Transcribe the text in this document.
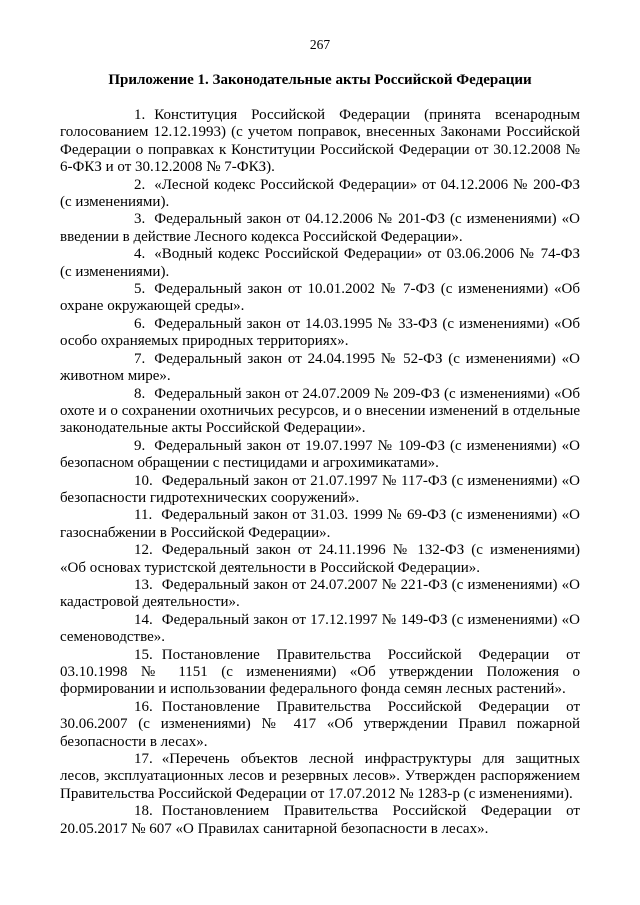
267
Приложение 1. Законодательные акты Российской Федерации
1. Конституция Российской Федерации (принята всенародным голосованием 12.12.1993) (с учетом поправок, внесенных Законами Российской Федерации о поправках к Конституции Российской Федерации от 30.12.2008 № 6-ФКЗ и от 30.12.2008 № 7-ФКЗ).
2. «Лесной кодекс Российской Федерации» от 04.12.2006 № 200-ФЗ (с изменениями).
3. Федеральный закон от 04.12.2006 № 201-ФЗ (с изменениями) «О введении в действие Лесного кодекса Российской Федерации».
4. «Водный кодекс Российской Федерации» от 03.06.2006 № 74-ФЗ (с изменениями).
5. Федеральный закон от 10.01.2002 № 7-ФЗ (с изменениями) «Об охране окружающей среды».
6. Федеральный закон от 14.03.1995 № 33-ФЗ (с изменениями) «Об особо охраняемых природных территориях».
7. Федеральный закон от 24.04.1995 № 52-ФЗ (с изменениями) «О животном мире».
8. Федеральный закон от 24.07.2009 № 209-ФЗ (с изменениями) «Об охоте и о сохранении охотничьих ресурсов, и о внесении изменений в отдельные законодательные акты Российской Федерации».
9. Федеральный закон от 19.07.1997 № 109-ФЗ (с изменениями) «О безопасном обращении с пестицидами и агрохимикатами».
10. Федеральный закон от 21.07.1997 № 117-ФЗ (с изменениями) «О безопасности гидротехнических сооружений».
11. Федеральный закон от 31.03. 1999 № 69-ФЗ (с изменениями) «О газоснабжении в Российской Федерации».
12. Федеральный закон от 24.11.1996 № 132-ФЗ (с изменениями) «Об основах туристской деятельности в Российской Федерации».
13. Федеральный закон от 24.07.2007 № 221-ФЗ (с изменениями) «О кадастровой деятельности».
14. Федеральный закон от 17.12.1997 № 149-ФЗ (с изменениями) «О семеноводстве».
15. Постановление Правительства Российской Федерации от 03.10.1998 № 1151 (с изменениями) «Об утверждении Положения о формировании и использовании федерального фонда семян лесных растений».
16. Постановление Правительства Российской Федерации от 30.06.2007 (с изменениями) № 417 «Об утверждении Правил пожарной безопасности в лесах».
17. «Перечень объектов лесной инфраструктуры для защитных лесов, эксплуатационных лесов и резервных лесов». Утвержден распоряжением Правительства Российской Федерации от 17.07.2012 № 1283-р (с изменениями).
18. Постановлением Правительства Российской Федерации от 20.05.2017 № 607 «О Правилах санитарной безопасности в лесах».
